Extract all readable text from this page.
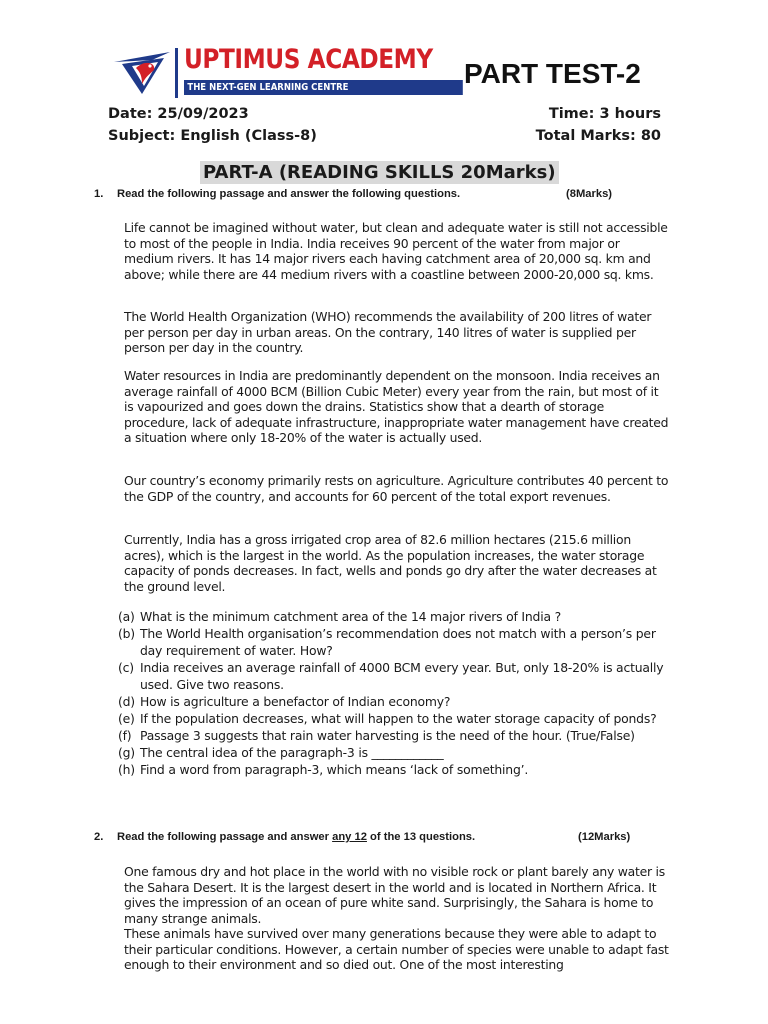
UPTIMUS ACADEMY
THE NEXT-GEN LEARNING CENTRE	PART TEST-2
Date: 25/09/2023	Time: 3 hours
Subject: English (Class-8)	Total Marks: 80
PART-A (READING SKILLS 20Marks)
1. Read the following passage and answer the following questions.	(8Marks)

Life cannot be imagined without water, but clean and adequate water is still not accessible to most of the people in India. India receives 90 percent of the water from major or medium rivers. It has 14 major rivers each having catchment area of 20,000 sq. km and above; while there are 44 medium rivers with a coastline between 2000-20,000 sq. kms.

The World Health Organization (WHO) recommends the availability of 200 litres of water per person per day in urban areas. On the contrary, 140 litres of water is supplied per person per day in the country.

Water resources in India are predominantly dependent on the monsoon. India receives an average rainfall of 4000 BCM (Billion Cubic Meter) every year from the rain, but most of it is vapourized and goes down the drains. Statistics show that a dearth of storage procedure, lack of adequate infrastructure, inappropriate water management have created a situation where only 18-20% of the water is actually used.

Our country’s economy primarily rests on agriculture. Agriculture contributes 40 percent to the GDP of the country, and accounts for 60 percent of the total export revenues.

Currently, India has a gross irrigated crop area of 82.6 million hectares (215.6 million acres), which is the largest in the world. As the population increases, the water storage capacity of ponds decreases. In fact, wells and ponds go dry after the water decreases at the ground level.

(a) What is the minimum catchment area of the 14 major rivers of India ?
(b) The World Health organisation’s recommendation does not match with a person’s per day requirement of water. How?
(c) India receives an average rainfall of 4000 BCM every year. But, only 18-20% is actually used. Give two reasons.
(d) How is agriculture a benefactor of Indian economy?
(e) If the population decreases, what will happen to the water storage capacity of ponds?
(f) Passage 3 suggests that rain water harvesting is the need of the hour. (True/False)
(g) The central idea of the paragraph-3 is ____________
(h) Find a word from paragraph-3, which means ‘lack of something’.
2. Read the following passage and answer any 12 of the 13 questions.	(12Marks)

One famous dry and hot place in the world with no visible rock or plant barely any water is the Sahara Desert. It is the largest desert in the world and is located in Northern Africa. It gives the impression of an ocean of pure white sand. Surprisingly, the Sahara is home to many strange animals.

These animals have survived over many generations because they were able to adapt to their particular conditions. However, a certain number of species were unable to adapt fast enough to their environment and so died out. One of the most interesting
